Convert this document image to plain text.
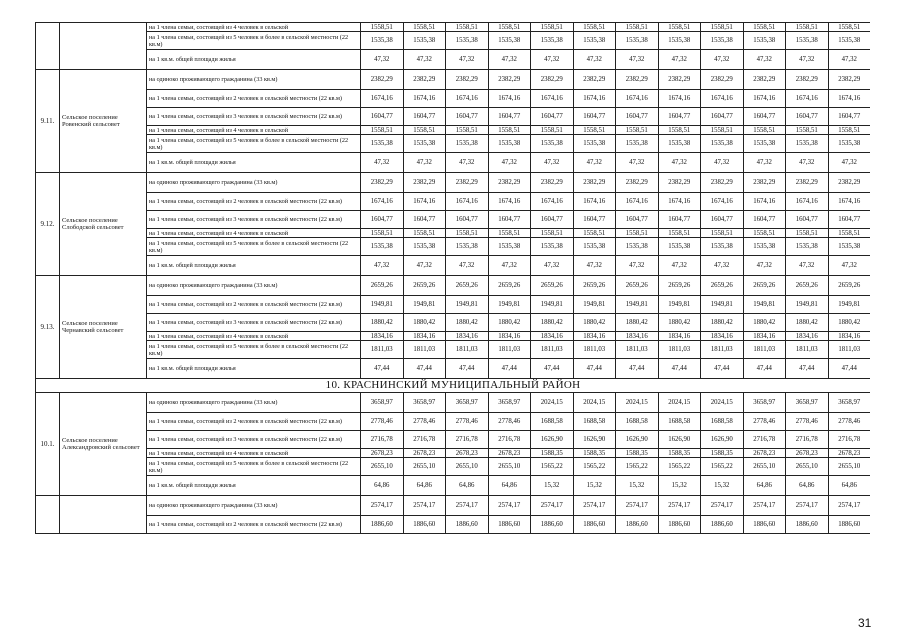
		на 1 члена семьи, состоящей из 4 человек в сельской	1558,51	1558,51	1558,51	1558,51	1558,51	1558,51	1558,51	1558,51	1558,51	1558,51	1558,51	1558,51
		на 1 члена семьи, состоящей из 5 человек и более в сельской местности (22 кв.м)	1535,38	1535,38	1535,38	1535,38	1535,38	1535,38	1535,38	1535,38	1535,38	1535,38	1535,38	1535,38
		на 1 кв.м. общей площади жилья	47,32	47,32	47,32	47,32	47,32	47,32	47,32	47,32	47,32	47,32	47,32	47,32
9.11.	Сельское поселение Ровенский сельсовет	на одиноко проживающего гражданина (33 кв.м)	2382,29	2382,29	2382,29	2382,29	2382,29	2382,29	2382,29	2382,29	2382,29	2382,29	2382,29	2382,29
		на 1 члена семьи, состоящей из 2 человек в сельской местности (22 кв.м)	1674,16	1674,16	1674,16	1674,16	1674,16	1674,16	1674,16	1674,16	1674,16	1674,16	1674,16	1674,16
		на 1 члена семьи, состоящей из 3 человек в сельской местности (22 кв.м)	1604,77	1604,77	1604,77	1604,77	1604,77	1604,77	1604,77	1604,77	1604,77	1604,77	1604,77	1604,77
		на 1 члена семьи, состоящей из 4 человек в сельской	1558,51	1558,51	1558,51	1558,51	1558,51	1558,51	1558,51	1558,51	1558,51	1558,51	1558,51	1558,51
		на 1 члена семьи, состоящей из 5 человек и более в сельской местности (22 кв.м)	1535,38	1535,38	1535,38	1535,38	1535,38	1535,38	1535,38	1535,38	1535,38	1535,38	1535,38	1535,38
		на 1 кв.м. общей площади жилья	47,32	47,32	47,32	47,32	47,32	47,32	47,32	47,32	47,32	47,32	47,32	47,32
9.12.	Сельское поселение Слободской сельсовет	на одиноко проживающего гражданина (33 кв.м)	2382,29	2382,29	2382,29	2382,29	2382,29	2382,29	2382,29	2382,29	2382,29	2382,29	2382,29	2382,29
		на 1 члена семьи, состоящей из 2 человек в сельской местности (22 кв.м)	1674,16	1674,16	1674,16	1674,16	1674,16	1674,16	1674,16	1674,16	1674,16	1674,16	1674,16	1674,16
		на 1 члена семьи, состоящей из 3 человек в сельской местности (22 кв.м)	1604,77	1604,77	1604,77	1604,77	1604,77	1604,77	1604,77	1604,77	1604,77	1604,77	1604,77	1604,77
		на 1 члена семьи, состоящей из 4 человек в сельской	1558,51	1558,51	1558,51	1558,51	1558,51	1558,51	1558,51	1558,51	1558,51	1558,51	1558,51	1558,51
		на 1 члена семьи, состоящей из 5 человек и более в сельской местности (22 кв.м)	1535,38	1535,38	1535,38	1535,38	1535,38	1535,38	1535,38	1535,38	1535,38	1535,38	1535,38	1535,38
		на 1 кв.м. общей площади жилья	47,32	47,32	47,32	47,32	47,32	47,32	47,32	47,32	47,32	47,32	47,32	47,32
9.13.	Сельское поселение Чернавский сельсовет	на одиноко проживающего гражданина (33 кв.м)	2659,26	2659,26	2659,26	2659,26	2659,26	2659,26	2659,26	2659,26	2659,26	2659,26	2659,26	2659,26
		на 1 члена семьи, состоящей из 2 человек в сельской местности (22 кв.м)	1949,81	1949,81	1949,81	1949,81	1949,81	1949,81	1949,81	1949,81	1949,81	1949,81	1949,81	1949,81
		на 1 члена семьи, состоящей из 3 человек в сельской местности (22 кв.м)	1880,42	1880,42	1880,42	1880,42	1880,42	1880,42	1880,42	1880,42	1880,42	1880,42	1880,42	1880,42
		на 1 члена семьи, состоящей из 4 человек в сельской	1834,16	1834,16	1834,16	1834,16	1834,16	1834,16	1834,16	1834,16	1834,16	1834,16	1834,16	1834,16
		на 1 члена семьи, состоящей из 5 человек и более в сельской местности (22 кв.м)	1811,03	1811,03	1811,03	1811,03	1811,03	1811,03	1811,03	1811,03	1811,03	1811,03	1811,03	1811,03
		на 1 кв.м. общей площади жилья	47,44	47,44	47,44	47,44	47,44	47,44	47,44	47,44	47,44	47,44	47,44	47,44
10. КРАСНИНСКИЙ МУНИЦИПАЛЬНЫЙ РАЙОН														
10.1.	Сельское поселение Александровский сельсовет	на одиноко проживающего гражданина (33 кв.м)	3658,97	3658,97	3658,97	3658,97	2024,15	2024,15	2024,15	2024,15	2024,15	3658,97	3658,97	3658,97
		на 1 члена семьи, состоящей из 2 человек в сельской местности (22 кв.м)	2778,46	2778,46	2778,46	2778,46	1688,58	1688,58	1688,58	1688,58	1688,58	2778,46	2778,46	2778,46
		на 1 члена семьи, состоящей из 3 человек в сельской местности (22 кв.м)	2716,78	2716,78	2716,78	2716,78	1626,90	1626,90	1626,90	1626,90	1626,90	2716,78	2716,78	2716,78
		на 1 члена семьи, состоящей из 4 человек в сельской	2678,23	2678,23	2678,23	2678,23	1588,35	1588,35	1588,35	1588,35	1588,35	2678,23	2678,23	2678,23
		на 1 члена семьи, состоящей из 5 человек и более в сельской местности (22 кв.м)	2655,10	2655,10	2655,10	2655,10	1565,22	1565,22	1565,22	1565,22	1565,22	2655,10	2655,10	2655,10
		на 1 кв.м. общей площади жилья	64,86	64,86	64,86	64,86	15,32	15,32	15,32	15,32	15,32	64,86	64,86	64,86
		на одиноко проживающего гражданина (33 кв.м)	2574,17	2574,17	2574,17	2574,17	2574,17	2574,17	2574,17	2574,17	2574,17	2574,17	2574,17	2574,17
		на 1 члена семьи, состоящей из 2 человек в сельской местности (22 кв.м)	1886,60	1886,60	1886,60	1886,60	1886,60	1886,60	1886,60	1886,60	1886,60	1886,60	1886,60	1886,60
31
